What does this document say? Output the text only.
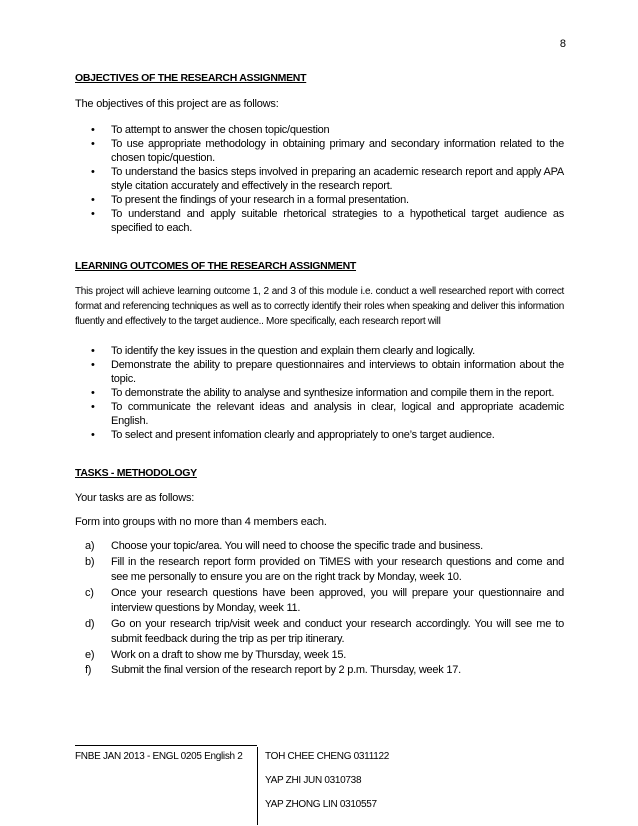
8

OBJECTIVES OF THE RESEARCH ASSIGNMENT

The objectives of this project are as follows:

• To attempt to answer the chosen topic/question
• To use appropriate methodology in obtaining primary and secondary information related to the chosen topic/question.
• To understand the basics steps involved in preparing an academic research report and apply APA style citation accurately and effectively in the research report.
• To present the findings of your research in a formal presentation.
• To understand and apply suitable rhetorical strategies to a hypothetical target audience as specified to each.

LEARNING OUTCOMES OF THE RESEARCH ASSIGNMENT

This project will achieve learning outcome 1, 2 and 3 of this module i.e. conduct a well researched report with correct format and referencing techniques as well as to correctly identify their roles when speaking and deliver this information fluently and effectively to the target audience.. More specifically, each research report will

• To identify the key issues in the question and explain them clearly and logically.
• Demonstrate the ability to prepare questionnaires and interviews to obtain information about the topic.
• To demonstrate the ability to analyse and synthesize information and compile them in the report.
• To communicate the relevant ideas and analysis in clear, logical and appropriate academic English.
• To select and present infomation clearly and appropriately to one’s target audience.

TASKS - METHODOLOGY

Your tasks are as follows:

Form into groups with no more than 4 members each.

a) Choose your topic/area. You will need to choose the specific trade and business.
b) Fill in the research report form provided on TiMES with your research questions and come and see me personally to ensure you are on the right track by Monday, week 10.
c) Once your research questions have been approved, you will prepare your questionnaire and interview questions by Monday, week 11.
d) Go on your research trip/visit week and conduct your research accordingly. You will see me to submit feedback during the trip as per trip itinerary.
e) Work on a draft to show me by Thursday, week 15.
f) Submit the final version of the research report by 2 p.m. Thursday, week 17.
FNBE JAN 2013 - ENGL 0205 English 2 TOH CHEE CHENG 0311122
YAP ZHI JUN 0310738
YAP ZHONG LIN 0310557
